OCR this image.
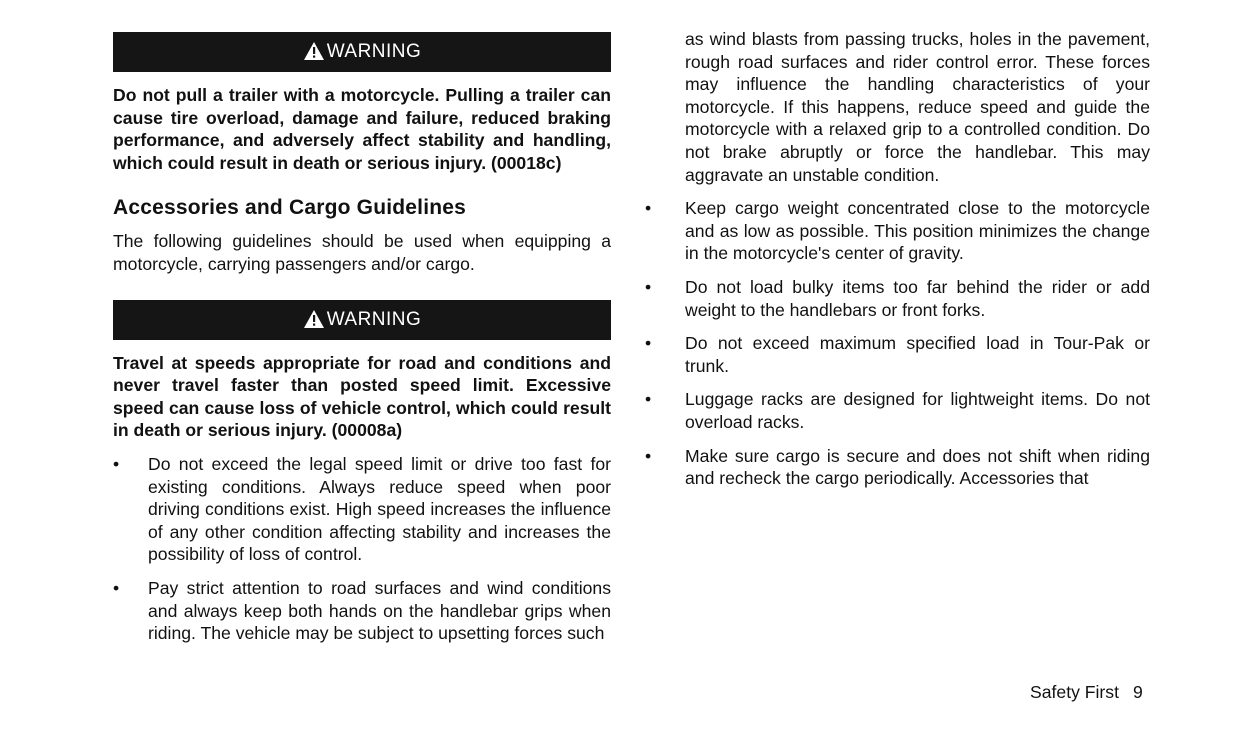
WARNING

Do not pull a trailer with a motorcycle. Pulling a trailer can cause tire overload, damage and failure, reduced braking performance, and adversely affect stability and handling, which could result in death or serious injury. (00018c)

Accessories and Cargo Guidelines

The following guidelines should be used when equipping a motorcycle, carrying passengers and/or cargo.

WARNING

Travel at speeds appropriate for road and conditions and never travel faster than posted speed limit. Excessive speed can cause loss of vehicle control, which could result in death or serious injury. (00008a)

• Do not exceed the legal speed limit or drive too fast for existing conditions. Always reduce speed when poor driving conditions exist. High speed increases the influence of any other condition affecting stability and increases the possibility of loss of control.
• Pay strict attention to road surfaces and wind conditions and always keep both hands on the handlebar grips when riding. The vehicle may be subject to upsetting forces such
as wind blasts from passing trucks, holes in the pavement, rough road surfaces and rider control error. These forces may influence the handling characteristics of your motorcycle. If this happens, reduce speed and guide the motorcycle with a relaxed grip to a controlled condition. Do not brake abruptly or force the handlebar. This may aggravate an unstable condition.
• Keep cargo weight concentrated close to the motorcycle and as low as possible. This position minimizes the change in the motorcycle's center of gravity.
• Do not load bulky items too far behind the rider or add weight to the handlebars or front forks.
• Do not exceed maximum specified load in Tour-Pak or trunk.
• Luggage racks are designed for lightweight items. Do not overload racks.
• Make sure cargo is secure and does not shift when riding and recheck the cargo periodically. Accessories that
Safety First 9
